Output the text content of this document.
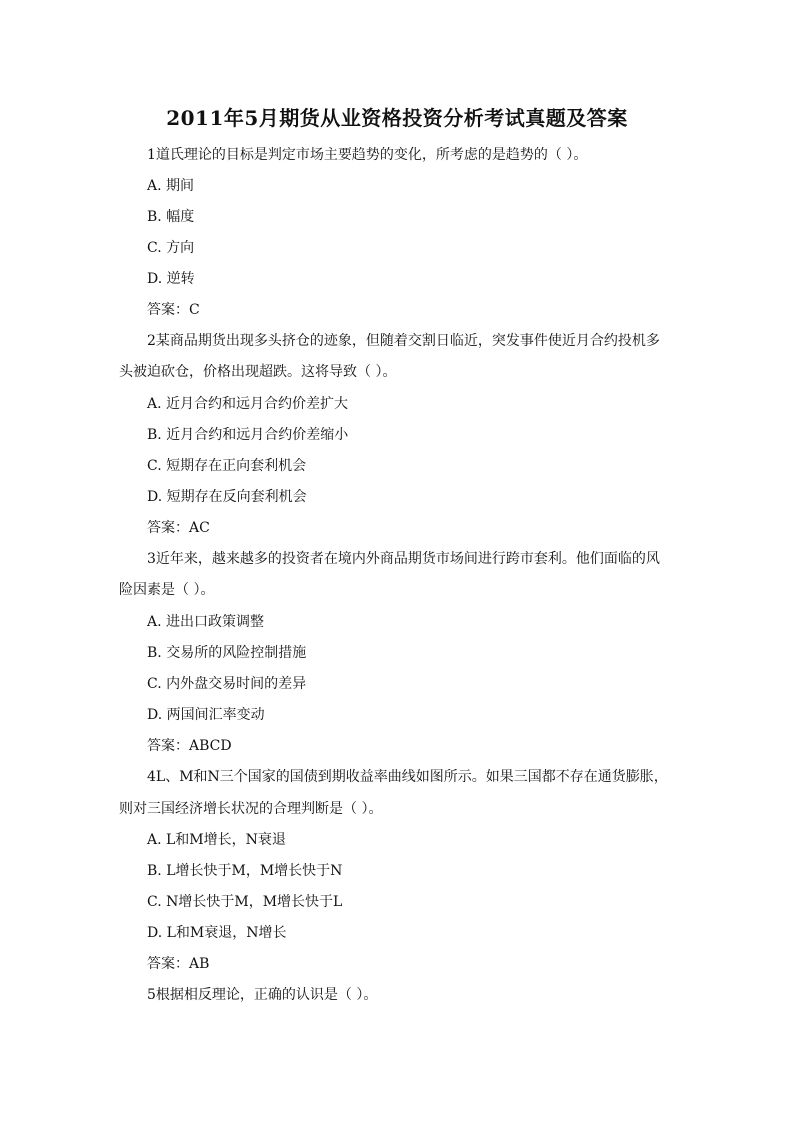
2011年5月期货从业资格投资分析考试真题及答案
1道氏理论的目标是判定市场主要趋势的变化，所考虑的是趋势的（ ）。
A. 期间
B. 幅度
C. 方向
D. 逆转
答案：C
2某商品期货出现多头挤仓的迹象，但随着交割日临近，突发事件使近月合约投机多
头被迫砍仓，价格出现超跌。这将导致（ ）。
A. 近月合约和远月合约价差扩大
B. 近月合约和远月合约价差缩小
C. 短期存在正向套利机会
D. 短期存在反向套利机会
答案：AC
3近年来，越来越多的投资者在境内外商品期货市场间进行跨市套利。他们面临的风
险因素是（ ）。
A. 进出口政策调整
B. 交易所的风险控制措施
C. 内外盘交易时间的差异
D. 两国间汇率变动
答案：ABCD
4L、M和N三个国家的国债到期收益率曲线如图所示。如果三国都不存在通货膨胀，
则对三国经济增长状况的合理判断是（ ）。
A. L和M增长，N衰退
B. L增长快于M，M增长快于N
C. N增长快于M，M增长快于L
D. L和M衰退，N增长
答案：AB
5根据相反理论，正确的认识是（ ）。
